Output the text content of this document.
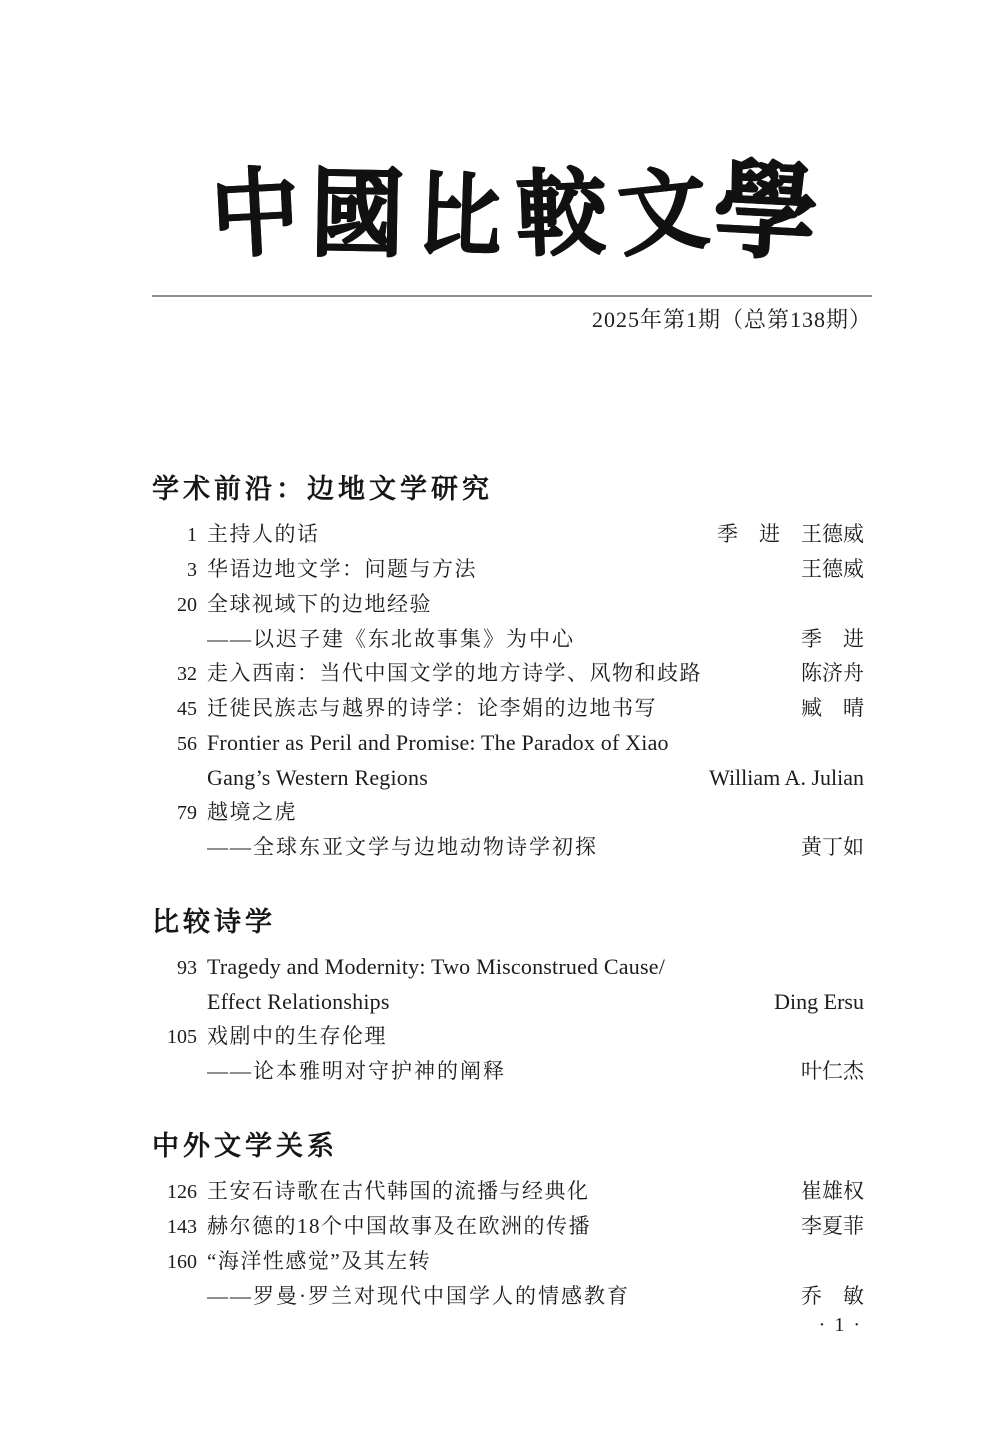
中 國 比 較 文
學
2025年第1期（总第138期）
学术前沿：边地文学研究
1 主持人的话	季　进　王德威
3 华语边地文学：问题与方法	王德威
20 全球视域下的边地经验
——以迟子建《东北故事集》为中心	季　进
32 走入西南：当代中国文学的地方诗学、风物和歧路	陈济舟
45 迁徙民族志与越界的诗学：论李娟的边地书写	臧　晴
56 Frontier as Peril and Promise: The Paradox of Xiao
Gang’s Western Regions	William A. Julian
79 越境之虎
——全球东亚文学与边地动物诗学初探	黄丁如
比较诗学
93 Tragedy and Modernity: Two Misconstrued Cause/
Effect Relationships	Ding Ersu
105 戏剧中的生存伦理
——论本雅明对守护神的阐释	叶仁杰
中外文学关系
126 王安石诗歌在古代韩国的流播与经典化	崔雄权
143 赫尔德的18个中国故事及在欧洲的传播	李夏菲
160 “海洋性感觉”及其左转
——罗曼·罗兰对现代中国学人的情感教育	乔　敏
· 1 ·
